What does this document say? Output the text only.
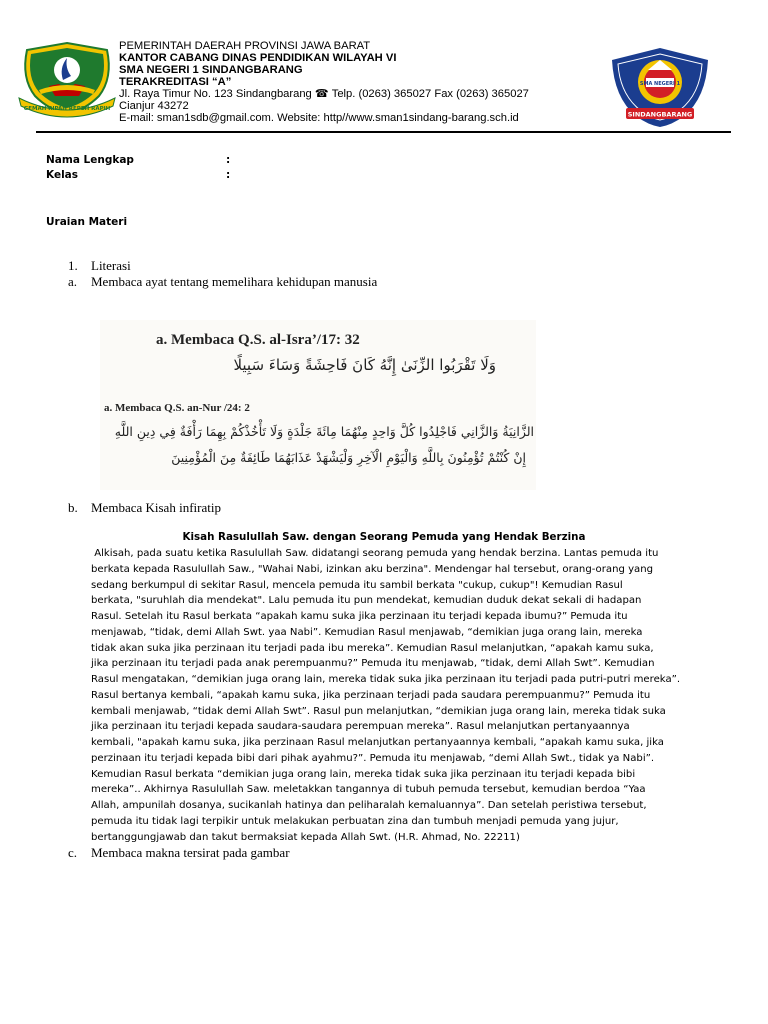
GEMAH RIPAH REPEH RAPIH
PEMERINTAH DAERAH PROVINSI JAWA BARAT
KANTOR CABANG DINAS PENDIDIKAN WILAYAH VI
SMA NEGERI 1 SINDANGBARANG
TERAKREDITASI “A”
Jl. Raya Timur No. 123 Sindangbarang ☎ Telp. (0263) 365027 Fax (0263) 365027
Cianjur 43272
E-mail: sman1sdb@gmail.com. Website: http//www.sman1sindang-barang.sch.id
SMA NEGERI 1
SINDANGBARANG
Nama Lengkap	:
Kelas	:
Uraian Materi
1. Literasi
a. Membaca ayat tentang memelihara kehidupan manusia
a. Membaca Q.S. al-Isra’/17: 32
وَلَا تَقْرَبُوا الزِّنَىٰ إِنَّهُ كَانَ فَاحِشَةً وَسَاءَ سَبِيلًا
a. Membaca Q.S. an-Nur /24: 2
الزَّانِيَةُ وَالزَّانِي فَاجْلِدُوا كُلَّ وَاحِدٍ مِنْهُمَا مِائَةَ جَلْدَةٍ وَلَا تَأْخُذْكُمْ بِهِمَا رَأْفَةٌ فِي دِينِ اللَّهِ
إِنْ كُنْتُمْ تُؤْمِنُونَ بِاللَّهِ وَالْيَوْمِ الْآخِرِ وَلْيَشْهَدْ عَذَابَهُمَا طَائِفَةٌ مِنَ الْمُؤْمِنِينَ
b. Membaca Kisah infiratip
Kisah Rasulullah Saw. dengan Seorang Pemuda yang Hendak Berzina
Alkisah, pada suatu ketika Rasulullah Saw. didatangi seorang pemuda yang hendak berzina. Lantas pemuda itu
berkata kepada Rasulullah Saw., "Wahai Nabi, izinkan aku berzina". Mendengar hal tersebut, orang-orang yang
sedang berkumpul di sekitar Rasul, mencela pemuda itu sambil berkata "cukup, cukup"! Kemudian Rasul
berkata, "suruhlah dia mendekat". Lalu pemuda itu pun mendekat, kemudian duduk dekat sekali di hadapan
Rasul. Setelah itu Rasul berkata “apakah kamu suka jika perzinaan itu terjadi kepada ibumu?” Pemuda itu
menjawab, “tidak, demi Allah Swt. yaa Nabi”. Kemudian Rasul menjawab, “demikian juga orang lain, mereka
tidak akan suka jika perzinaan itu terjadi pada ibu mereka”. Kemudian Rasul melanjutkan, “apakah kamu suka,
jika perzinaan itu terjadi pada anak perempuanmu?” Pemuda itu menjawab, “tidak, demi Allah Swt”. Kemudian
Rasul mengatakan, “demikian juga orang lain, mereka tidak suka jika perzinaan itu terjadi pada putri-putri mereka”.
Rasul bertanya kembali, “apakah kamu suka, jika perzinaan terjadi pada saudara perempuanmu?” Pemuda itu
kembali menjawab, “tidak demi Allah Swt”. Rasul pun melanjutkan, “demikian juga orang lain, mereka tidak suka
jika perzinaan itu terjadi kepada saudara-saudara perempuan mereka”. Rasul melanjutkan pertanyaannya
kembali, "apakah kamu suka, jika perzinaan Rasul melanjutkan pertanyaannya kembali, “apakah kamu suka, jika
perzinaan itu terjadi kepada bibi dari pihak ayahmu?”. Pemuda itu menjawab, “demi Allah Swt., tidak ya Nabi”.
Kemudian Rasul berkata “demikian juga orang lain, mereka tidak suka jika perzinaan itu terjadi kepada bibi
mereka”.. Akhirnya Rasulullah Saw. meletakkan tangannya di tubuh pemuda tersebut, kemudian berdoa “Yaa
Allah, ampunilah dosanya, sucikanlah hatinya dan peliharalah kemaluannya”. Dan setelah peristiwa tersebut,
pemuda itu tidak lagi terpikir untuk melakukan perbuatan zina dan tumbuh menjadi pemuda yang jujur,
bertanggungjawab dan takut bermaksiat kepada Allah Swt. (H.R. Ahmad, No. 22211)
c. Membaca makna tersirat pada gambar
